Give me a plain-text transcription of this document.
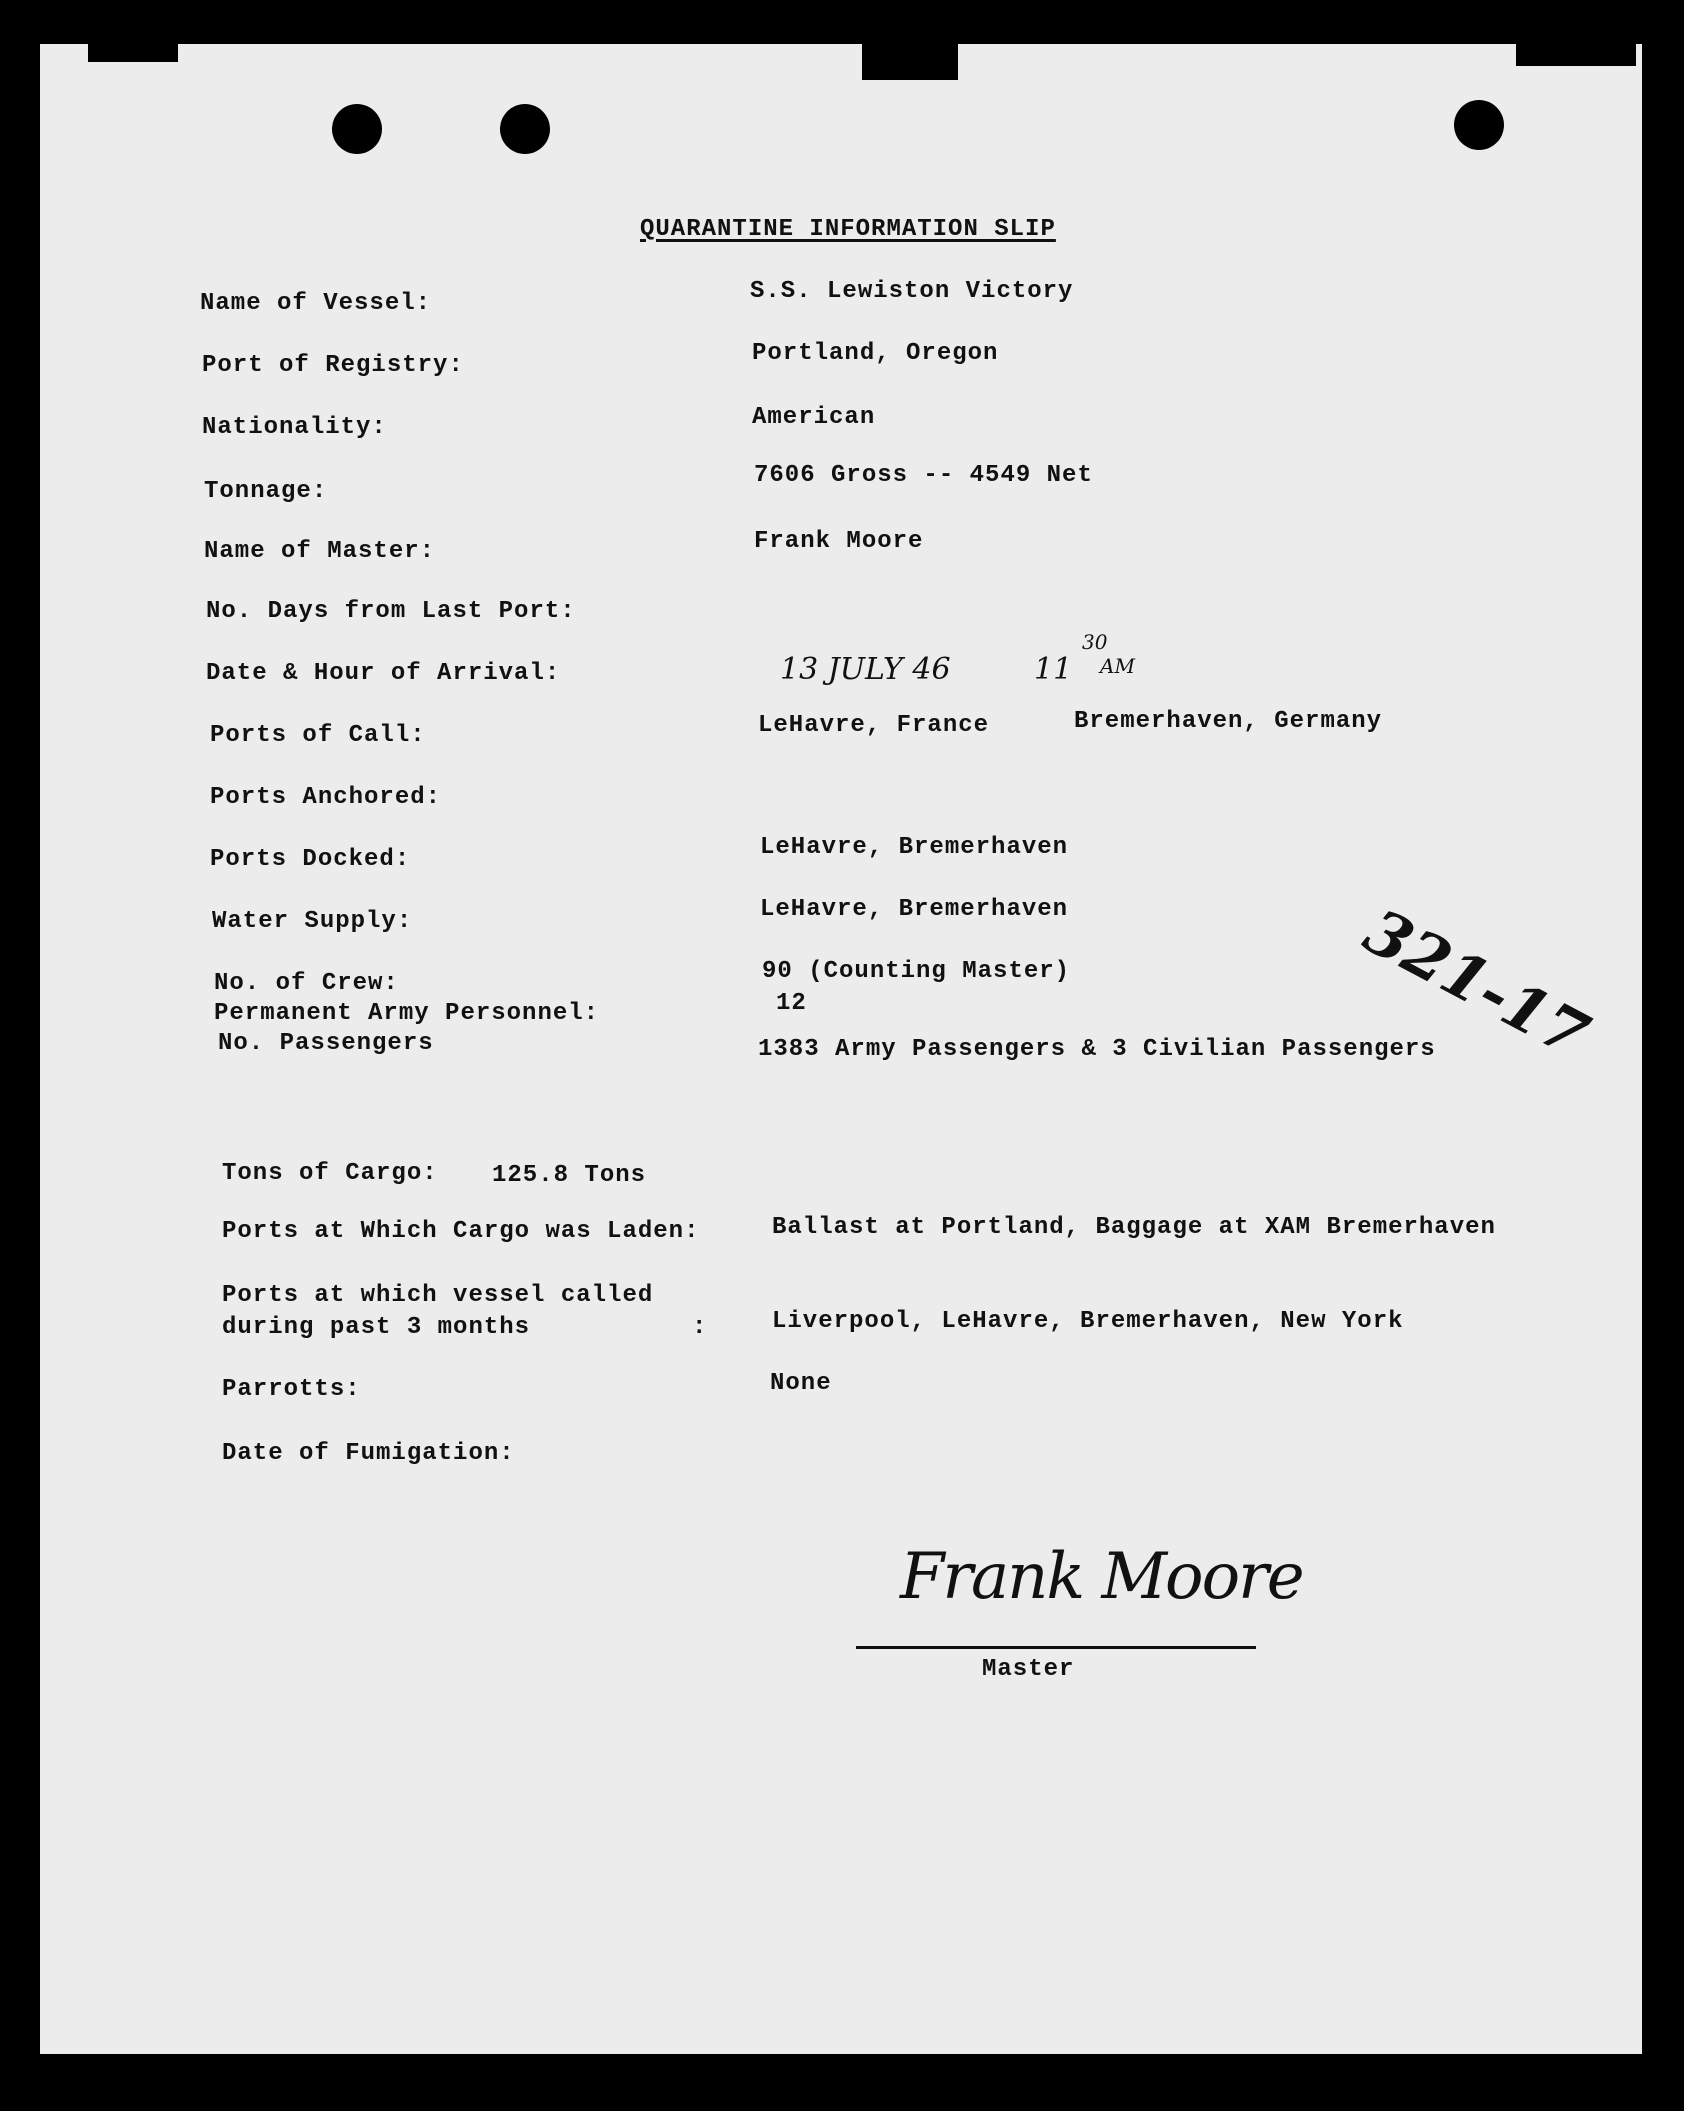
QUARANTINE INFORMATION SLIP
Name of Vessel:	S.S. Lewiston Victory
Port of Registry:	Portland, Oregon
Nationality:	American
Tonnage:
7606 Gross -- 4549 Net
Name of Master:	Frank Moore
No. Days from Last Port:
Date & Hour of Arrival:	13 JULY 46	11
30
AM
Ports of Call:	LeHavre, France	Bremerhaven, Germany
Ports Anchored:
Ports Docked:	LeHavre, Bremerhaven
Water Supply:	LeHavre, Bremerhaven
No. of Crew:	90 (Counting Master)
Permanent Army Personnel:	12
No. Passengers	1383 Army Passengers & 3 Civilian Passengers
321-17
Tons of Cargo: 125.8 Tons
Ports at Which Cargo was Laden:	Ballast at Portland, Baggage at XAM Bremerhaven
Ports at which vessel called
during past 3 months	:	Liverpool, LeHavre, Bremerhaven, New York
Parrotts:	None
Date of Fumigation:
Frank Moore
Master
